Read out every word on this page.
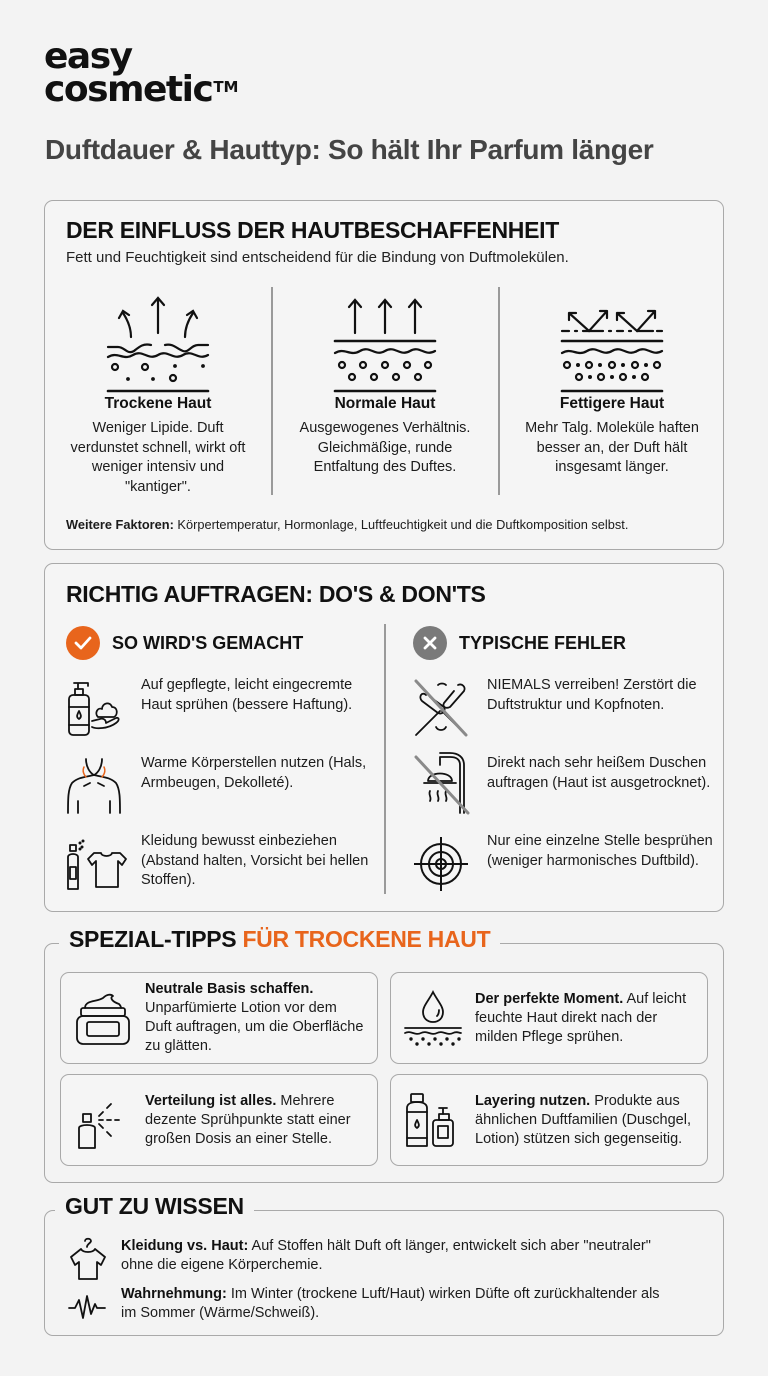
easy
cosmetic™
Duftdauer & Hauttyp: So hält Ihr Parfum länger
DER EINFLUSS DER HAUTBESCHAFFENHEIT

Fett und Feuchtigkeit sind entscheidend für die Bindung von Duftmolekülen.

Trockene Haut

Weniger Lipide. Duft verdunstet schnell, wirkt oft weniger intensiv und "kantiger".

Normale Haut

Ausgewogenes Verhältnis. Gleichmäßige, runde Entfaltung des Duftes.

Fettigere Haut

Mehr Talg. Moleküle haften besser an, der Duft hält insgesamt länger.

Weitere Faktoren: Körpertemperatur, Hormonlage, Luftfeuchtigkeit und die Duftkomposition selbst.

RICHTIG AUFTRAGEN: DO'S & DON'TS
SO WIRD'S GEMACHT	TYPISCHE FEHLER

Auf gepflegte, leicht eingecremte Haut sprühen (bessere Haftung).

Warme Körperstellen nutzen (Hals, Armbeugen, Dekolleté).

Kleidung bewusst einbeziehen (Abstand halten, Vorsicht bei hellen Stoffen).

NIEMALS verreiben! Zerstört die Duftstruktur und Kopfnoten.

Direkt nach sehr heißem Duschen auftragen (Haut ist ausgetrocknet).

Nur eine einzelne Stelle besprühen (weniger harmonisches Duftbild).

SPEZIAL-TIPPS FÜR TROCKENE HAUT

Neutrale Basis schaffen. Unparfümierte Lotion vor dem Duft auftragen, um die Oberfläche zu glätten.

Der perfekte Moment. Auf leicht feuchte Haut direkt nach der milden Pflege sprühen.

Verteilung ist alles. Mehrere dezente Sprühpunkte statt einer großen Dosis an einer Stelle.

Layering nutzen. Produkte aus ähnlichen Duftfamilien (Duschgel, Lotion) stützen sich gegenseitig.

GUT ZU WISSEN

Kleidung vs. Haut: Auf Stoffen hält Duft oft länger, entwickelt sich aber "neutraler" ohne die eigene Körperchemie.

Wahrnehmung: Im Winter (trockene Luft/Haut) wirken Düfte oft zurückhaltender als im Sommer (Wärme/Schweiß).
